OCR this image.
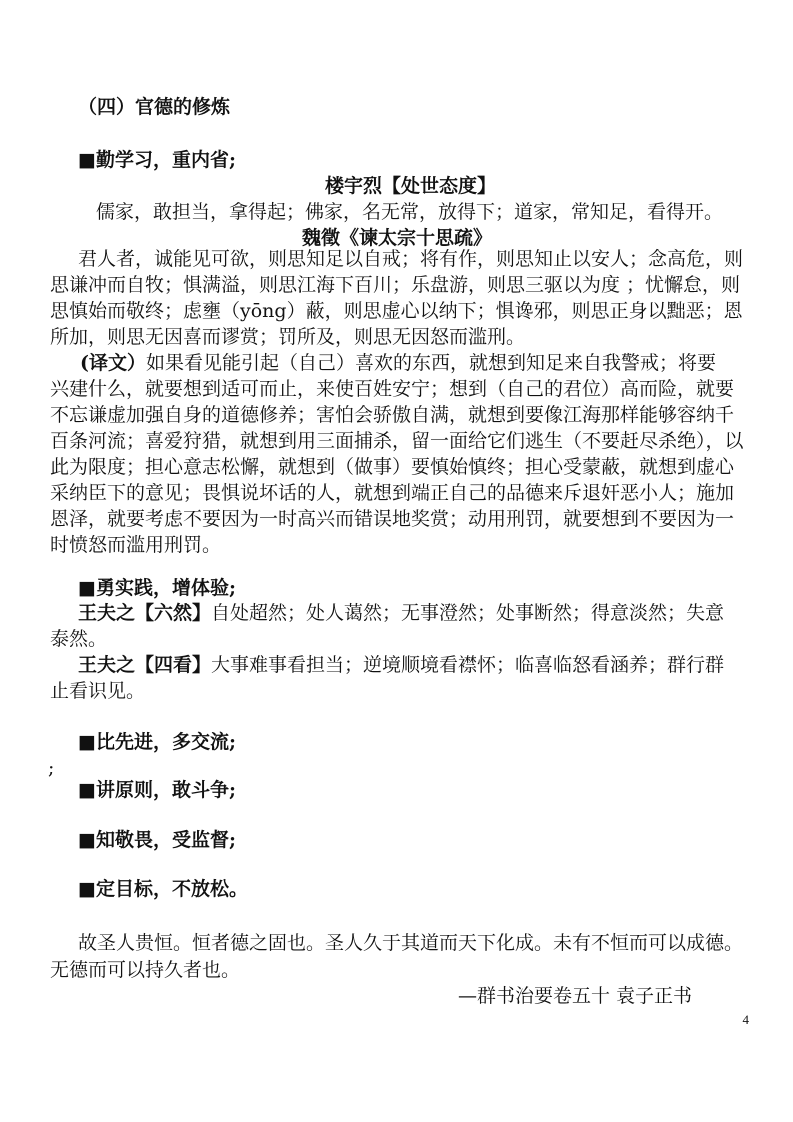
（四）官德的修炼
■勤学习，重内省;
楼宇烈【处世态度】
儒家，敢担当，拿得起；佛家，名无常，放得下；道家，常知足，看得开。
魏徵《谏太宗十思疏》
君人者，诚能见可欲，则思知足以自戒；将有作，则思知止以安人；念高危，则
思谦冲而自牧；惧满溢，则思江海下百川；乐盘游，则思三驱以为度 ；忧懈怠，则
思慎始而敬终；虑壅（yōng）蔽，则思虚心以纳下；惧谗邪，则思正身以黜恶；恩
所加，则思无因喜而谬赏；罚所及，则思无因怒而滥刑。
(译文）如果看见能引起（自己）喜欢的东西，就想到知足来自我警戒；将要
兴建什么，就要想到适可而止，来使百姓安宁；想到（自己的君位）高而险，就要
不忘谦虚加强自身的道德修养；害怕会骄傲自满，就想到要像江海那样能够容纳千
百条河流；喜爱狩猎，就想到用三面捕杀，留一面给它们逃生（不要赶尽杀绝），以
此为限度；担心意志松懈，就想到（做事）要慎始慎终；担心受蒙蔽，就想到虚心
采纳臣下的意见；畏惧说坏话的人，就想到端正自己的品德来斥退奸恶小人；施加
恩泽，就要考虑不要因为一时高兴而错误地奖赏；动用刑罚，就要想到不要因为一
时愤怒而滥用刑罚。
■勇实践，增体验;
王夫之【六然】自处超然；处人蔼然；无事澄然；处事断然；得意淡然；失意
泰然。
王夫之【四看】大事难事看担当；逆境顺境看襟怀；临喜临怒看涵养；群行群
止看识见。
■比先进，多交流;
;
■讲原则，敢斗争;
■知敬畏，受监督;
■定目标，不放松。
故圣人贵恒。恒者德之固也。圣人久于其道而天下化成。未有不恒而可以成德。
无德而可以持久者也。
—群书治要卷五十 袁子正书
4
